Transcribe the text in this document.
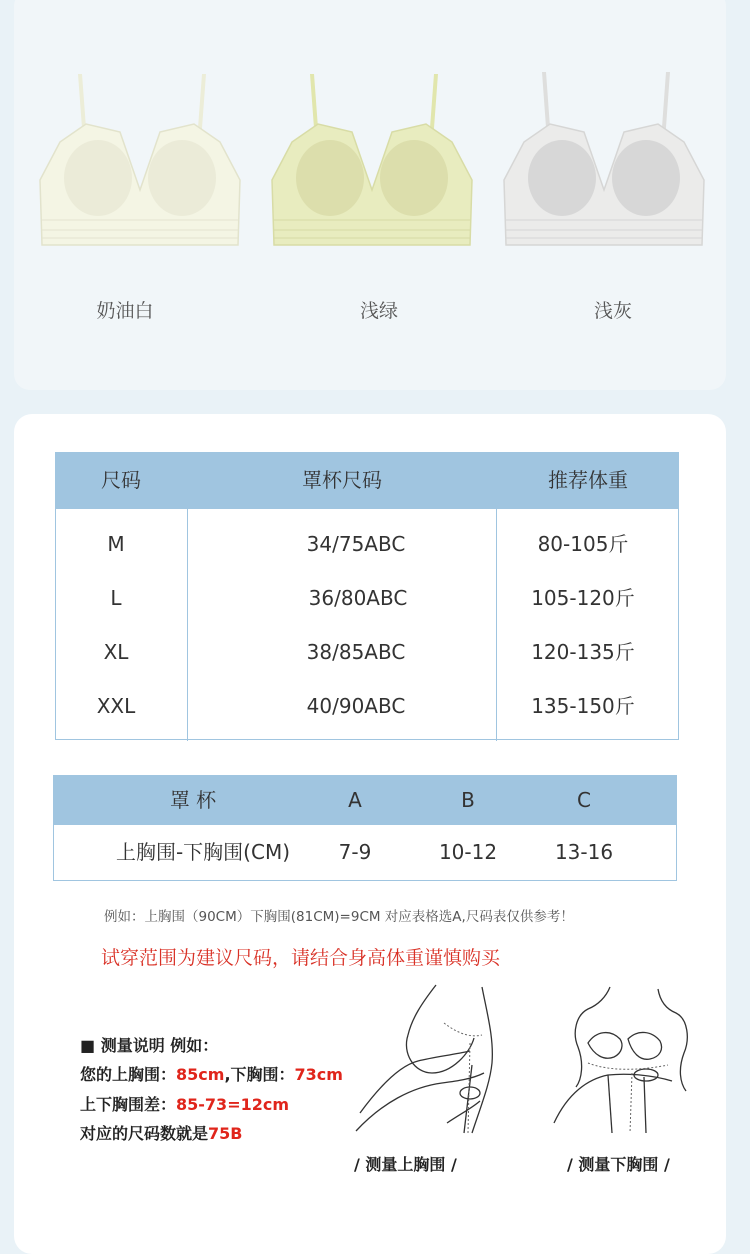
奶油白	浅绿	浅灰
尺码	罩杯尺码	推荐体重
M	34/75ABC	80-105斤
L	36/80ABC	105-120斤
XL	38/85ABC	120-135斤
XXL	40/90ABC	135-150斤
罩 杯	A	B	C
上胸围-下胸围(CM)	7-9	10-12	13-16
例如：上胸围（90CM）下胸围(81CM)=9CM 对应表格选A,尺码表仅供参考！
试穿范围为建议尺码，请结合身高体重谨慎购买
■ 测量说明 例如：
您的上胸围：85cm,下胸围：73cm
上下胸围差：85-73=12cm
对应的尺码数就是75B
/ 测量上胸围 /	/ 测量下胸围 /
